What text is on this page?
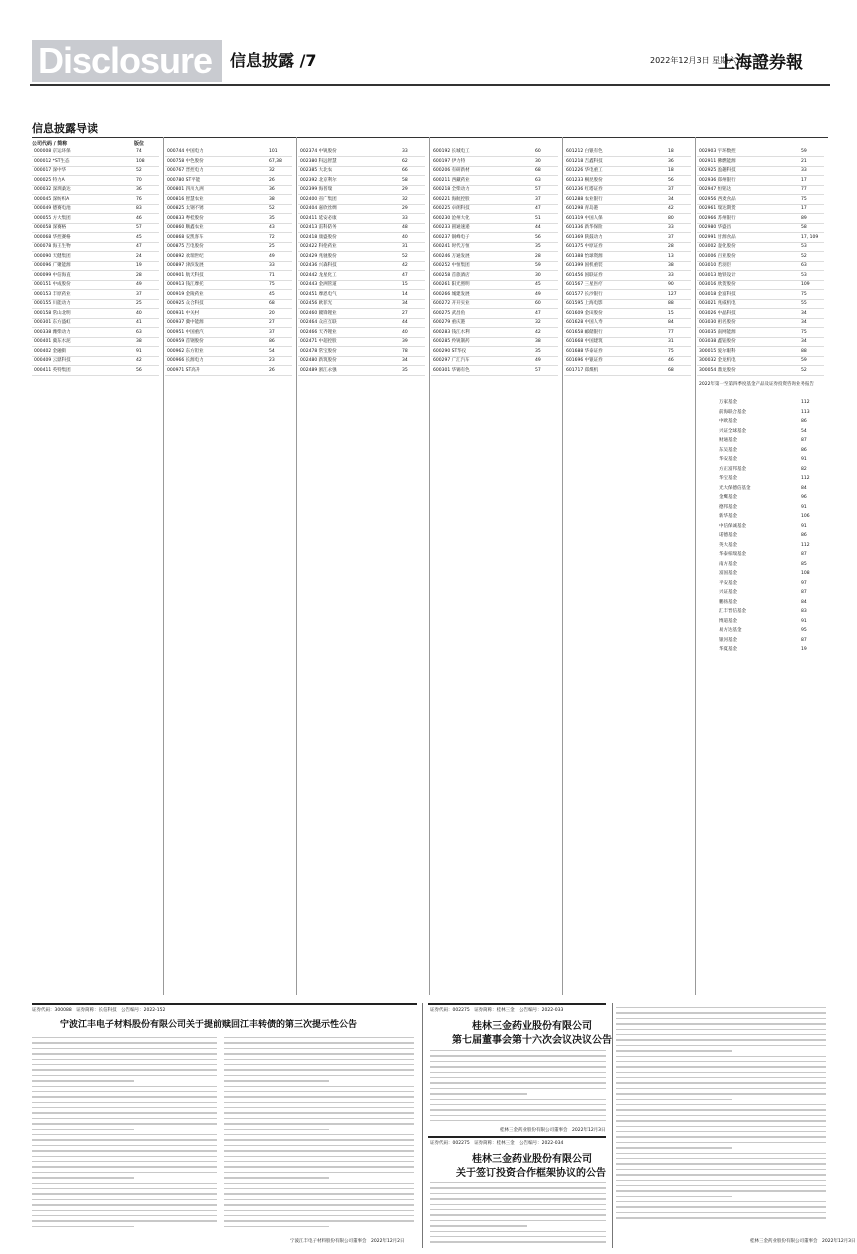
Disclosure	信息披露 /7	2022年12月3日 星期六
上海證券報
信息披露导读
公司代码 / 简称	版位
000008 京运环保	74
000012 *ST生态	108
000017 深中华	52
000025 特力A	70
000032 深圳桑达	36
000045 深纺织A	76
000049 德赛电池	83
000055 方大集团	46
000058 深赛格	57
000068 华控赛格	45
000078 海王生物	47
000090 天健集团	24
000096 广聚能源	19
000099 中信海直	28
000151 中成股份	49
000153 丰原药业	37
000155 川能动力	25
000158 常山北明	40
000301 东方盛虹	41
000338 潍柴动力	63
000401 冀东水泥	38
000402 金融街	91
000409 云鼎科技	42
000411 英特集团	56
000744 中国电力	101
000758 中色股份	67,38
000767 晋控电力	32
000780 ST平能	26
000801 四川九洲	36
000816 智慧农业	38
000825 太钢不锈	52
000833 粤桂股份	35
000860 顺鑫农业	43
000868 安凯客车	72
000875 吉电股份	25
000892 欢瑞世纪	49
000897 津滨发展	33
000901 航天科技	71
000913 钱江摩托	75
000919 金陵药业	45
000925 众合科技	68
000931 中关村	20
000937 冀中能源	27
000951 中国重汽	37
000959 首钢股份	86
000962 东方钽业	54
000966 长源电力	23
000971 ST高升	26
002374 中锐股份	33
002380 科远智慧	62
002385 大北农	66
002392 北京利尔	58
002399 海普瑞	29
002400 省广集团	32
002404 嘉欣丝绸	29
002411 延安必康	33
002413 雷科防务	48
002418 康盛股份	40
002422 科伦药业	31
002429 兆驰股份	52
002436 兴森科技	42
002442 龙星化工	47
002443 金洲管道	15
002451 摩恩电气	14
002456 欧菲光	34
002460 赣锋锂业	27
002464 众应互联	44
002466 天齐锂业	40
002471 中超控股	39
002478 常宝股份	78
002480 新筑股份	34
002489 浙江永强	35
600192 长城电工	60
600197 伊力特	30
600206 有研新材	68
600211 西藏药业	63
600218 全柴动力	57
600221 海航控股	37
600225 卓朗科技	47
600230 沧州大化	51
600233 圆通速递	44
600237 铜峰电子	56
600241 时代万恒	35
600246 万通发展	28
600252 中恒集团	59
600258 首旅酒店	30
600261 阳光照明	45
600266 城建发展	49
600272 开开实业	60
600275 武昌鱼	47
600279 重庆港	32
600283 钱江水利	42
600285 羚锐制药	38
600290 ST华仪	35
600297 广汇汽车	49
600301 华锡有色	57
601212 白银有色	18
601218 吉鑫科技	36
601226 华电重工	18
601233 桐昆股份	56
601236 红塔证券	37
601288 农业银行	34
601298 青岛港	42
601319 中国人保	80
601336 新华保险	33
601369 陕鼓动力	37
601375 中原证券	28
601388 怡球资源	13
601399 国机重装	38
601456 国联证券	33
601567 三星医疗	90
601577 长沙银行	127
601595 上海电影	88
601609 金田股份	15
601628 中国人寿	84
601658 邮储银行	77
601668 中国建筑	31
601688 华泰证券	75
601696 中银证券	46
601717 郑煤机	68
002903 宇环数控	59
002911 佛燃能源	21
002925 盈趣科技	33
002936 郑州银行	17
002947 恒铭达	77
002956 西麦食品	75
002961 瑞达期货	17
002966 苏州银行	89
002980 华盛昌	58
002991 甘源食品	17, 109
003002 壶化股份	53
003006 百亚股份	52
003010 若羽臣	63
003013 地铁设计	53
003016 欣贺股份	109
003018 金富科技	75
003021 兆威机电	55
003026 中晶科技	34
003030 祖名股份	34
003035 南网能源	75
003038 鑫铂股份	34
300015 爱尔眼科	88
300032 金龙机电	59
300054 鼎龙股份	52
2022年第一至第四季度基金产品及证券投资咨询业务报告
万家基金	112
前海联合基金	113
中欧基金	86
兴证全球基金	54
财通基金	87
东吴基金	86
华安基金	91
方正富邦基金	82
华宝基金	112
光大保德信基金	84
金鹰基金	96
德邦基金	91
新华基金	106
中信保诚基金	91
诺德基金	86
英大基金	112
华泰柏瑞基金	87
南方基金	85
富国基金	108
平安基金	97
兴证基金	87
鹏扬基金	84
汇丰晋信基金	83
博道基金	91
易方达基金	95
银河基金	87
华夏基金	19
证券代码：300088　证券简称：长信科技　公告编号：2022-152
宁波江丰电子材料股份有限公司关于提前赎回江丰转债的第三次提示性公告
宁波江丰电子材料股份有限公司董事会　2022年12月2日
证券代码：002275　证券简称：桂林三金　公告编号：2022-033
桂林三金药业股份有限公司
第七届董事会第十六次会议决议公告
桂林三金药业股份有限公司董事会　2022年12月3日
证券代码：002275　证券简称：桂林三金　公告编号：2022-034
桂林三金药业股份有限公司
关于签订投资合作框架协议的公告
桂林三金药业股份有限公司董事会　2022年12月3日
